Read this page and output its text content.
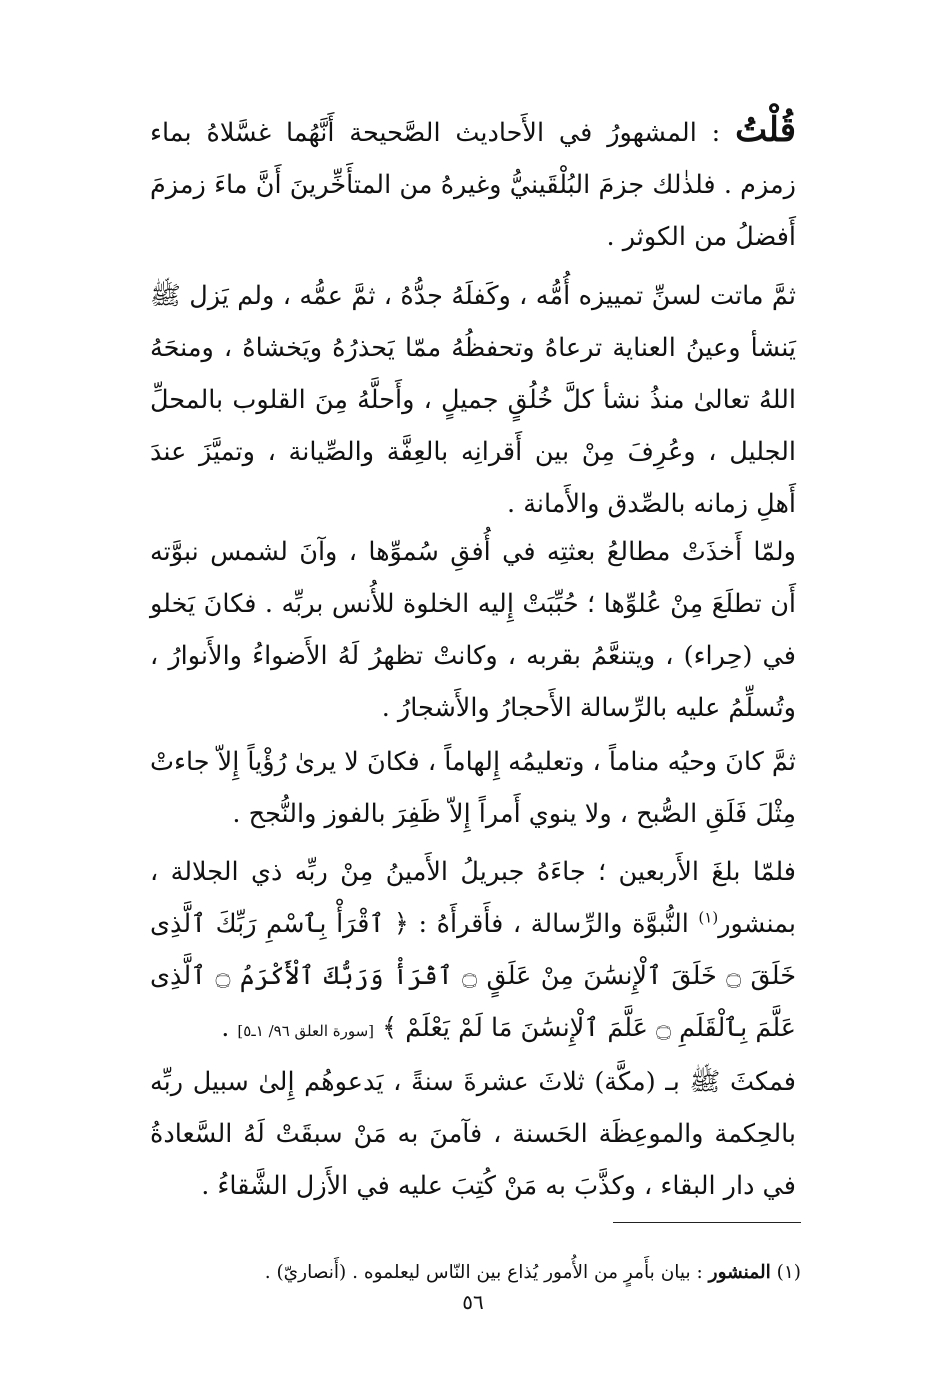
قُلْتُ : المشهورُ في الأَحاديث الصَّحيحة أَنَّهُما غسَّلاهُ بماء زمزم . فلذٰلك جزمَ البُلْقَينيُّ وغيرهُ من المتأَخِّرينَ أَنَّ ماءَ زمزمَ أَفضلُ من الكوثر .

ثمَّ ماتت لسنِّ تمييزه أُمُّه ، وكَفلَهُ جدُّهُ ، ثمَّ عمُّه ، ولم يَزل ﷺ يَنشأ وعينُ العناية ترعاهُ وتحفظُهُ ممّا يَحذرُهُ ويَخشاهُ ، ومنحَهُ اللهُ تعالىٰ منذُ نشأ كلَّ خُلُقٍ جميلٍ ، وأَحلَّهُ مِنَ القلوب بالمحلِّ الجليل ، وعُرِفَ مِنْ بين أَقرانِه بالعِفَّة والصِّيانة ، وتميَّزَ عندَ أَهلِ زمانه بالصِّدق والأَمانة .

ولمّا أَخذَتْ مطالعُ بعثتِه في أُفقِ سُموِّها ، وآنَ لشمس نبوَّته أَن تطلَعَ مِنْ عُلوِّها ؛ حُبِّبَتْ إِليه الخلوة للأُنس بربِّه . فكانَ يَخلو في (حِراء) ، ويتنعَّمُ بقربه ، وكانتْ تظهرُ لَهُ الأَضواءُ والأَنوارُ ، وتُسلِّمُ عليه بالرِّسالة الأَحجارُ والأَشجارُ .

ثمَّ كانَ وحيُه مناماً ، وتعليمُه إِلهاماً ، فكانَ لا يرىٰ رُؤْياً إِلاّ جاءتْ مِثْلَ فَلَقِ الصُّبح ، ولا ينوي أَمراً إِلاّ ظَفِرَ بالفوز والنُّجح .

فلمّا بلغَ الأَربعين ؛ جاءَهُ جبريلُ الأَمينُ مِنْ ربِّه ذي الجلالة ، بمنشور$^{(١)}$ النُّبوَّة والرِّسالة ، فأَقرأَهُ : ﴿ ٱقْرَأْ بِٱسْمِ رَبِّكَ ٱلَّذِى خَلَقَ ۝ خَلَقَ ٱلْإِنسَٰنَ مِنْ عَلَقٍ ۝ ٱقْرَأْ وَرَبُّكَ ٱلْأَكْرَمُ ۝ ٱلَّذِى عَلَّمَ بِٱلْقَلَمِ ۝ عَلَّمَ ٱلْإِنسَٰنَ مَا لَمْ يَعْلَمْ ﴾ [سورة العلق ٩٦/ ١ـ٥] .

فمكثَ ﷺ بـ (مكَّة) ثلاثَ عشرةَ سنةً ، يَدعوهُم إِلىٰ سبيل ربِّه بالحِكمة والموعِظَة الحَسنة ، فآمنَ به مَنْ سبقَتْ لَهُ السَّعادةُ في دار البقاء ، وكذَّبَ به مَنْ كُتِبَ عليه في الأَزل الشَّقاءُ .

(١) المنشور : بيان بأَمرٍ من الأُمور يُذاع بين النّاس ليعلموه . (أَنصاريّ) .
٥٦
